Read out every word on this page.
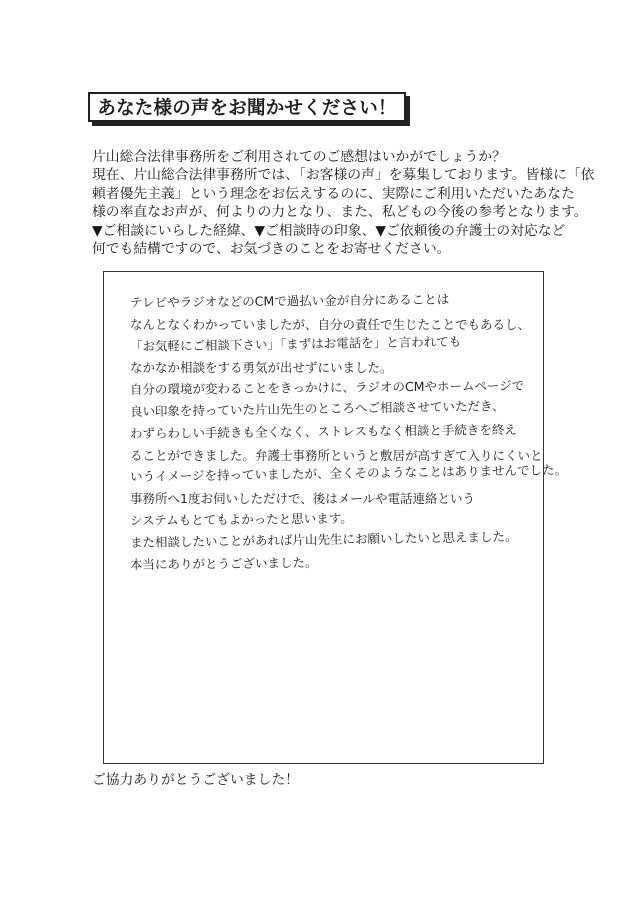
あなた様の声をお聞かせください！

片山総合法律事務所をご利用されてのご感想はいかがでしょうか？

現在、片山総合法律事務所では、「お客様の声」を募集しております。皆様に「依

頼者優先主義」という理念をお伝えするのに、実際にご利用いただいたあなた

様の率直なお声が、何よりの力となり、また、私どもの今後の参考となります。

▼ご相談にいらした経緯、▼ご相談時の印象、▼ご依頼後の弁護士の対応など

何でも結構ですので、お気づきのことをお寄せください。

テレビやラジオなどのCMで過払い金が自分にあることは

なんとなくわかっていましたが、自分の責任で生じたことでもあるし、

「お気軽にご相談下さい」「まずはお電話を」と言われても

なかなか相談をする勇気が出せずにいました。

自分の環境が変わることをきっかけに、ラジオのCMやホームページで

良い印象を持っていた片山先生のところへご相談させていただき、

わずらわしい手続きも全くなく、ストレスもなく相談と手続きを終え

ることができました。弁護士事務所というと敷居が高すぎて入りにくいと

いうイメージを持っていましたが、全くそのようなことはありませんでした。

事務所へ1度お伺いしただけで、後はメールや電話連絡という

システムもとてもよかったと思います。

また相談したいことがあれば片山先生にお願いしたいと思えました。

本当にありがとうございました。

ご協力ありがとうございました！
